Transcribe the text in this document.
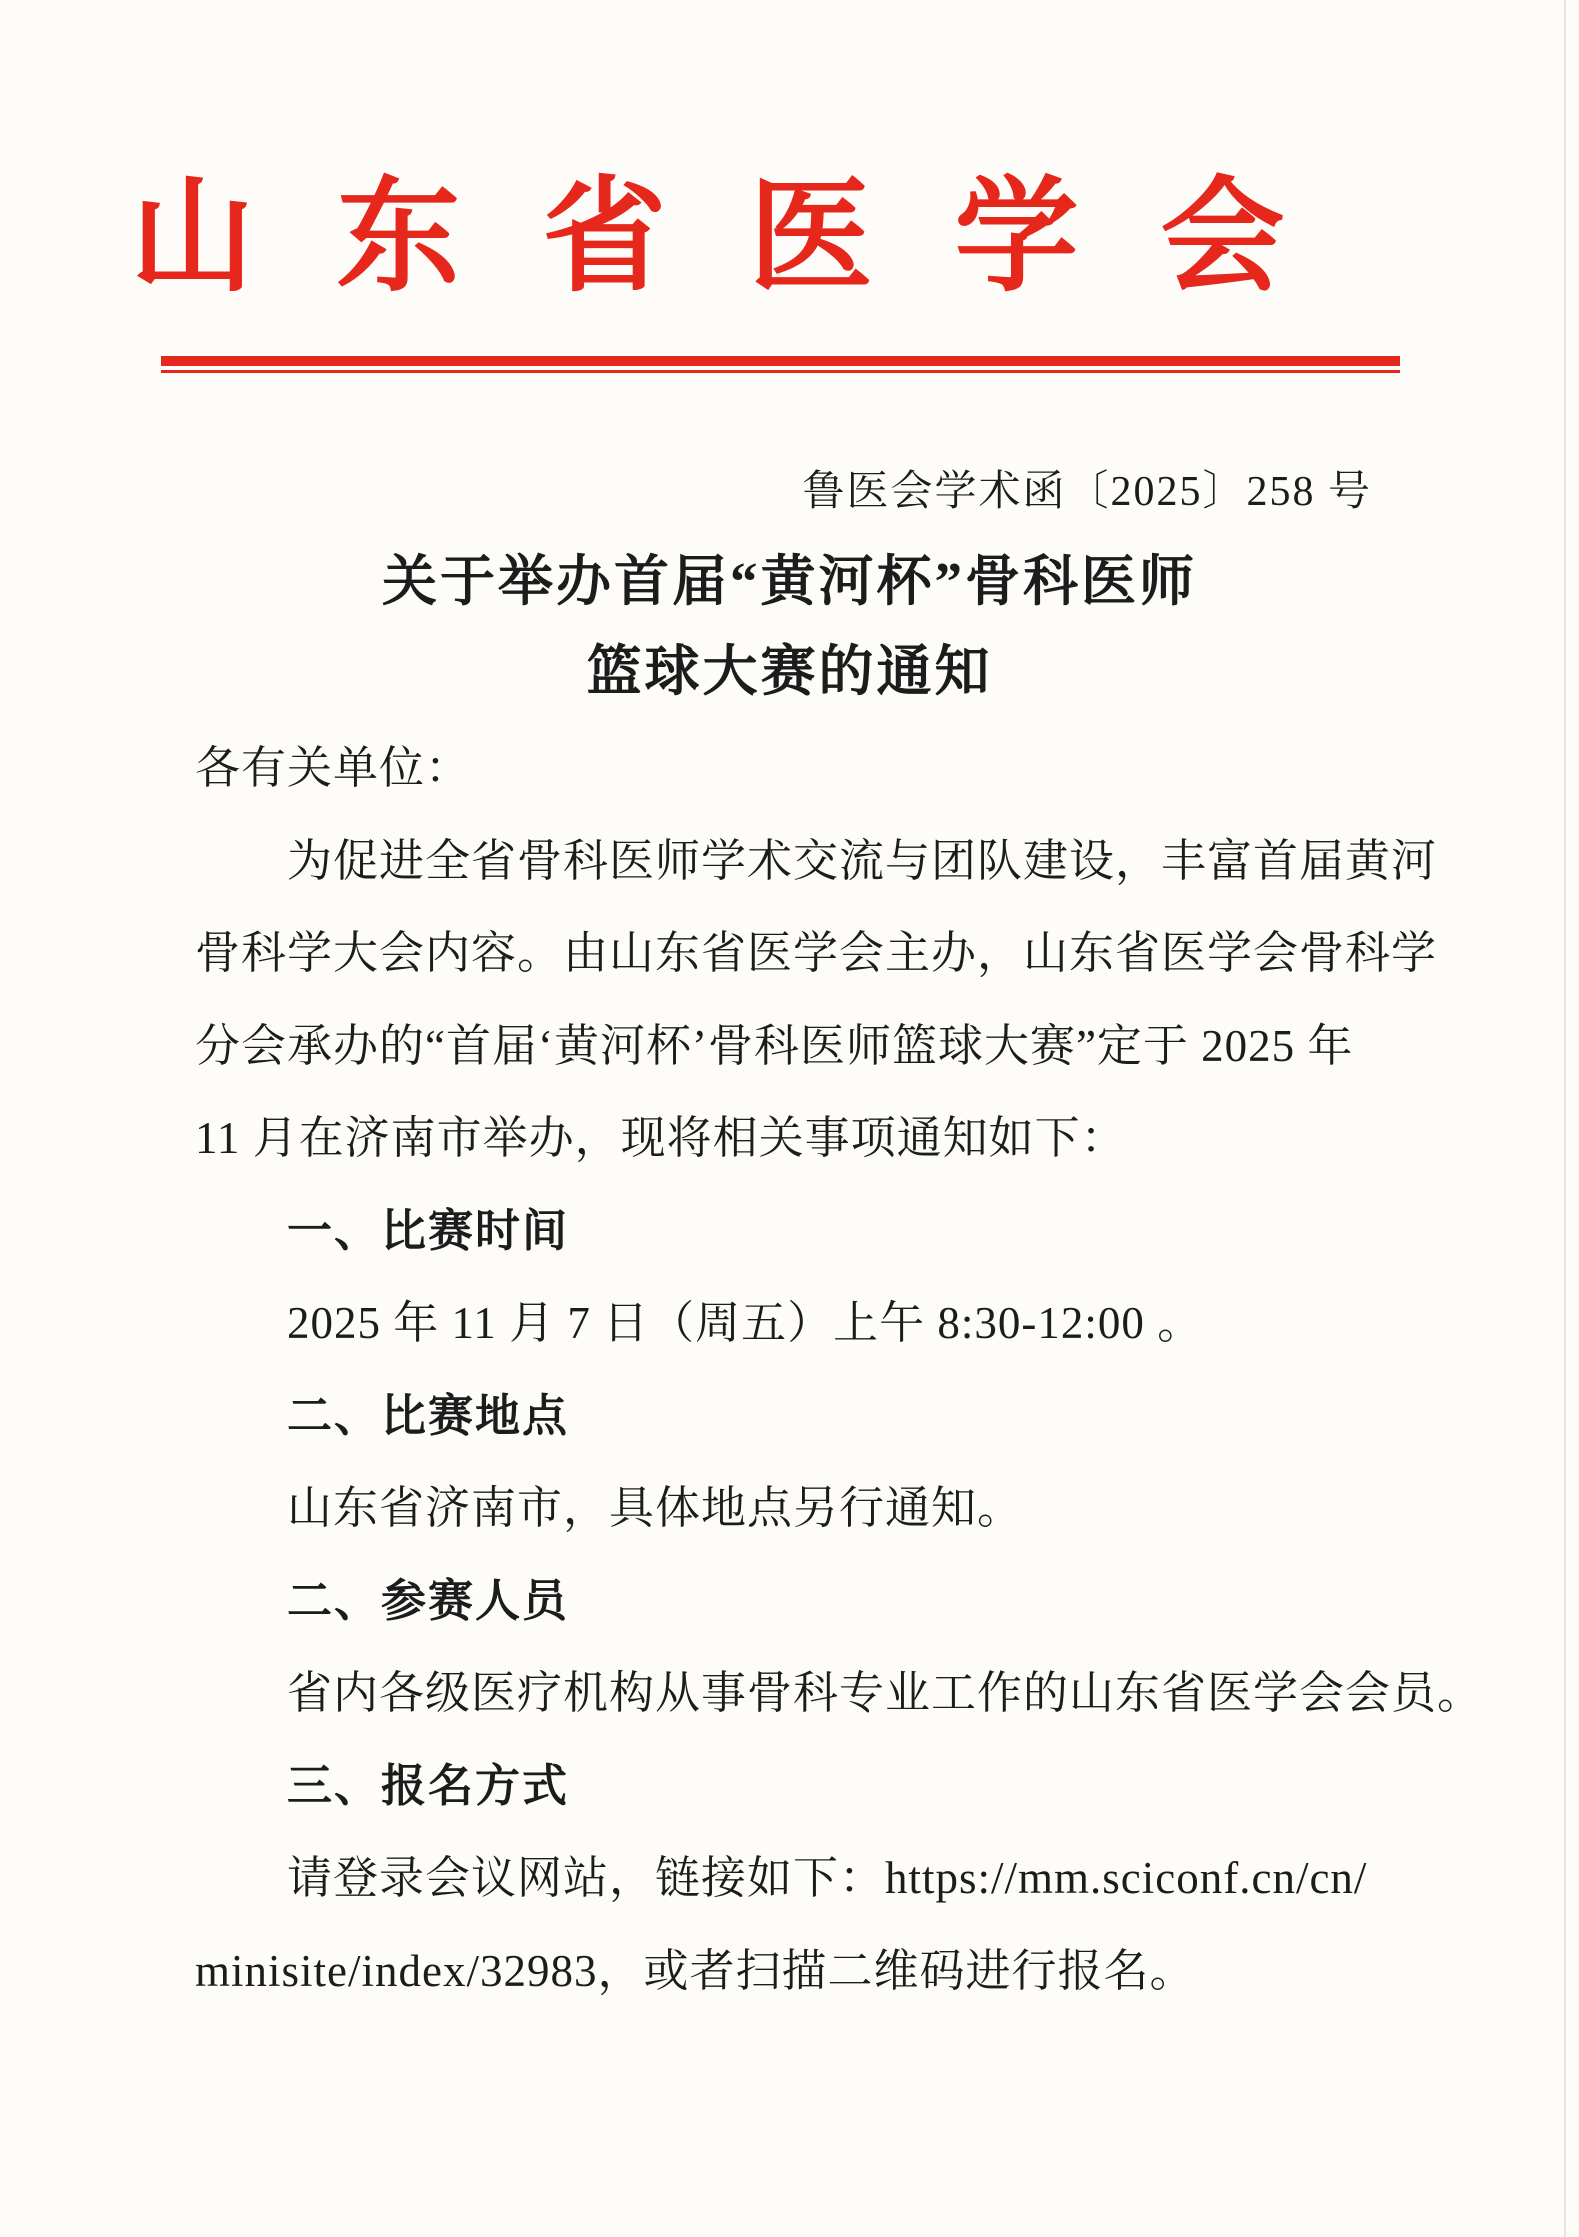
山东省医学会
鲁医会学术函〔2025〕258 号
关于举办首届“黄河杯”骨科医师
篮球大赛的通知
各有关单位：
为促进全省骨科医师学术交流与团队建设，丰富首届黄河
骨科学大会内容。由山东省医学会主办，山东省医学会骨科学
分会承办的“首届‘黄河杯’骨科医师篮球大赛”定于 2025 年
11 月在济南市举办，现将相关事项通知如下：
一、比赛时间
2025 年 11 月 7 日（周五）上午 8:30-12:00 。
二、比赛地点
山东省济南市，具体地点另行通知。
二、参赛人员
省内各级医疗机构从事骨科专业工作的山东省医学会会员。
三、报名方式
请登录会议网站，链接如下：https://mm.sciconf.cn/cn/
minisite/index/32983，或者扫描二维码进行报名。
